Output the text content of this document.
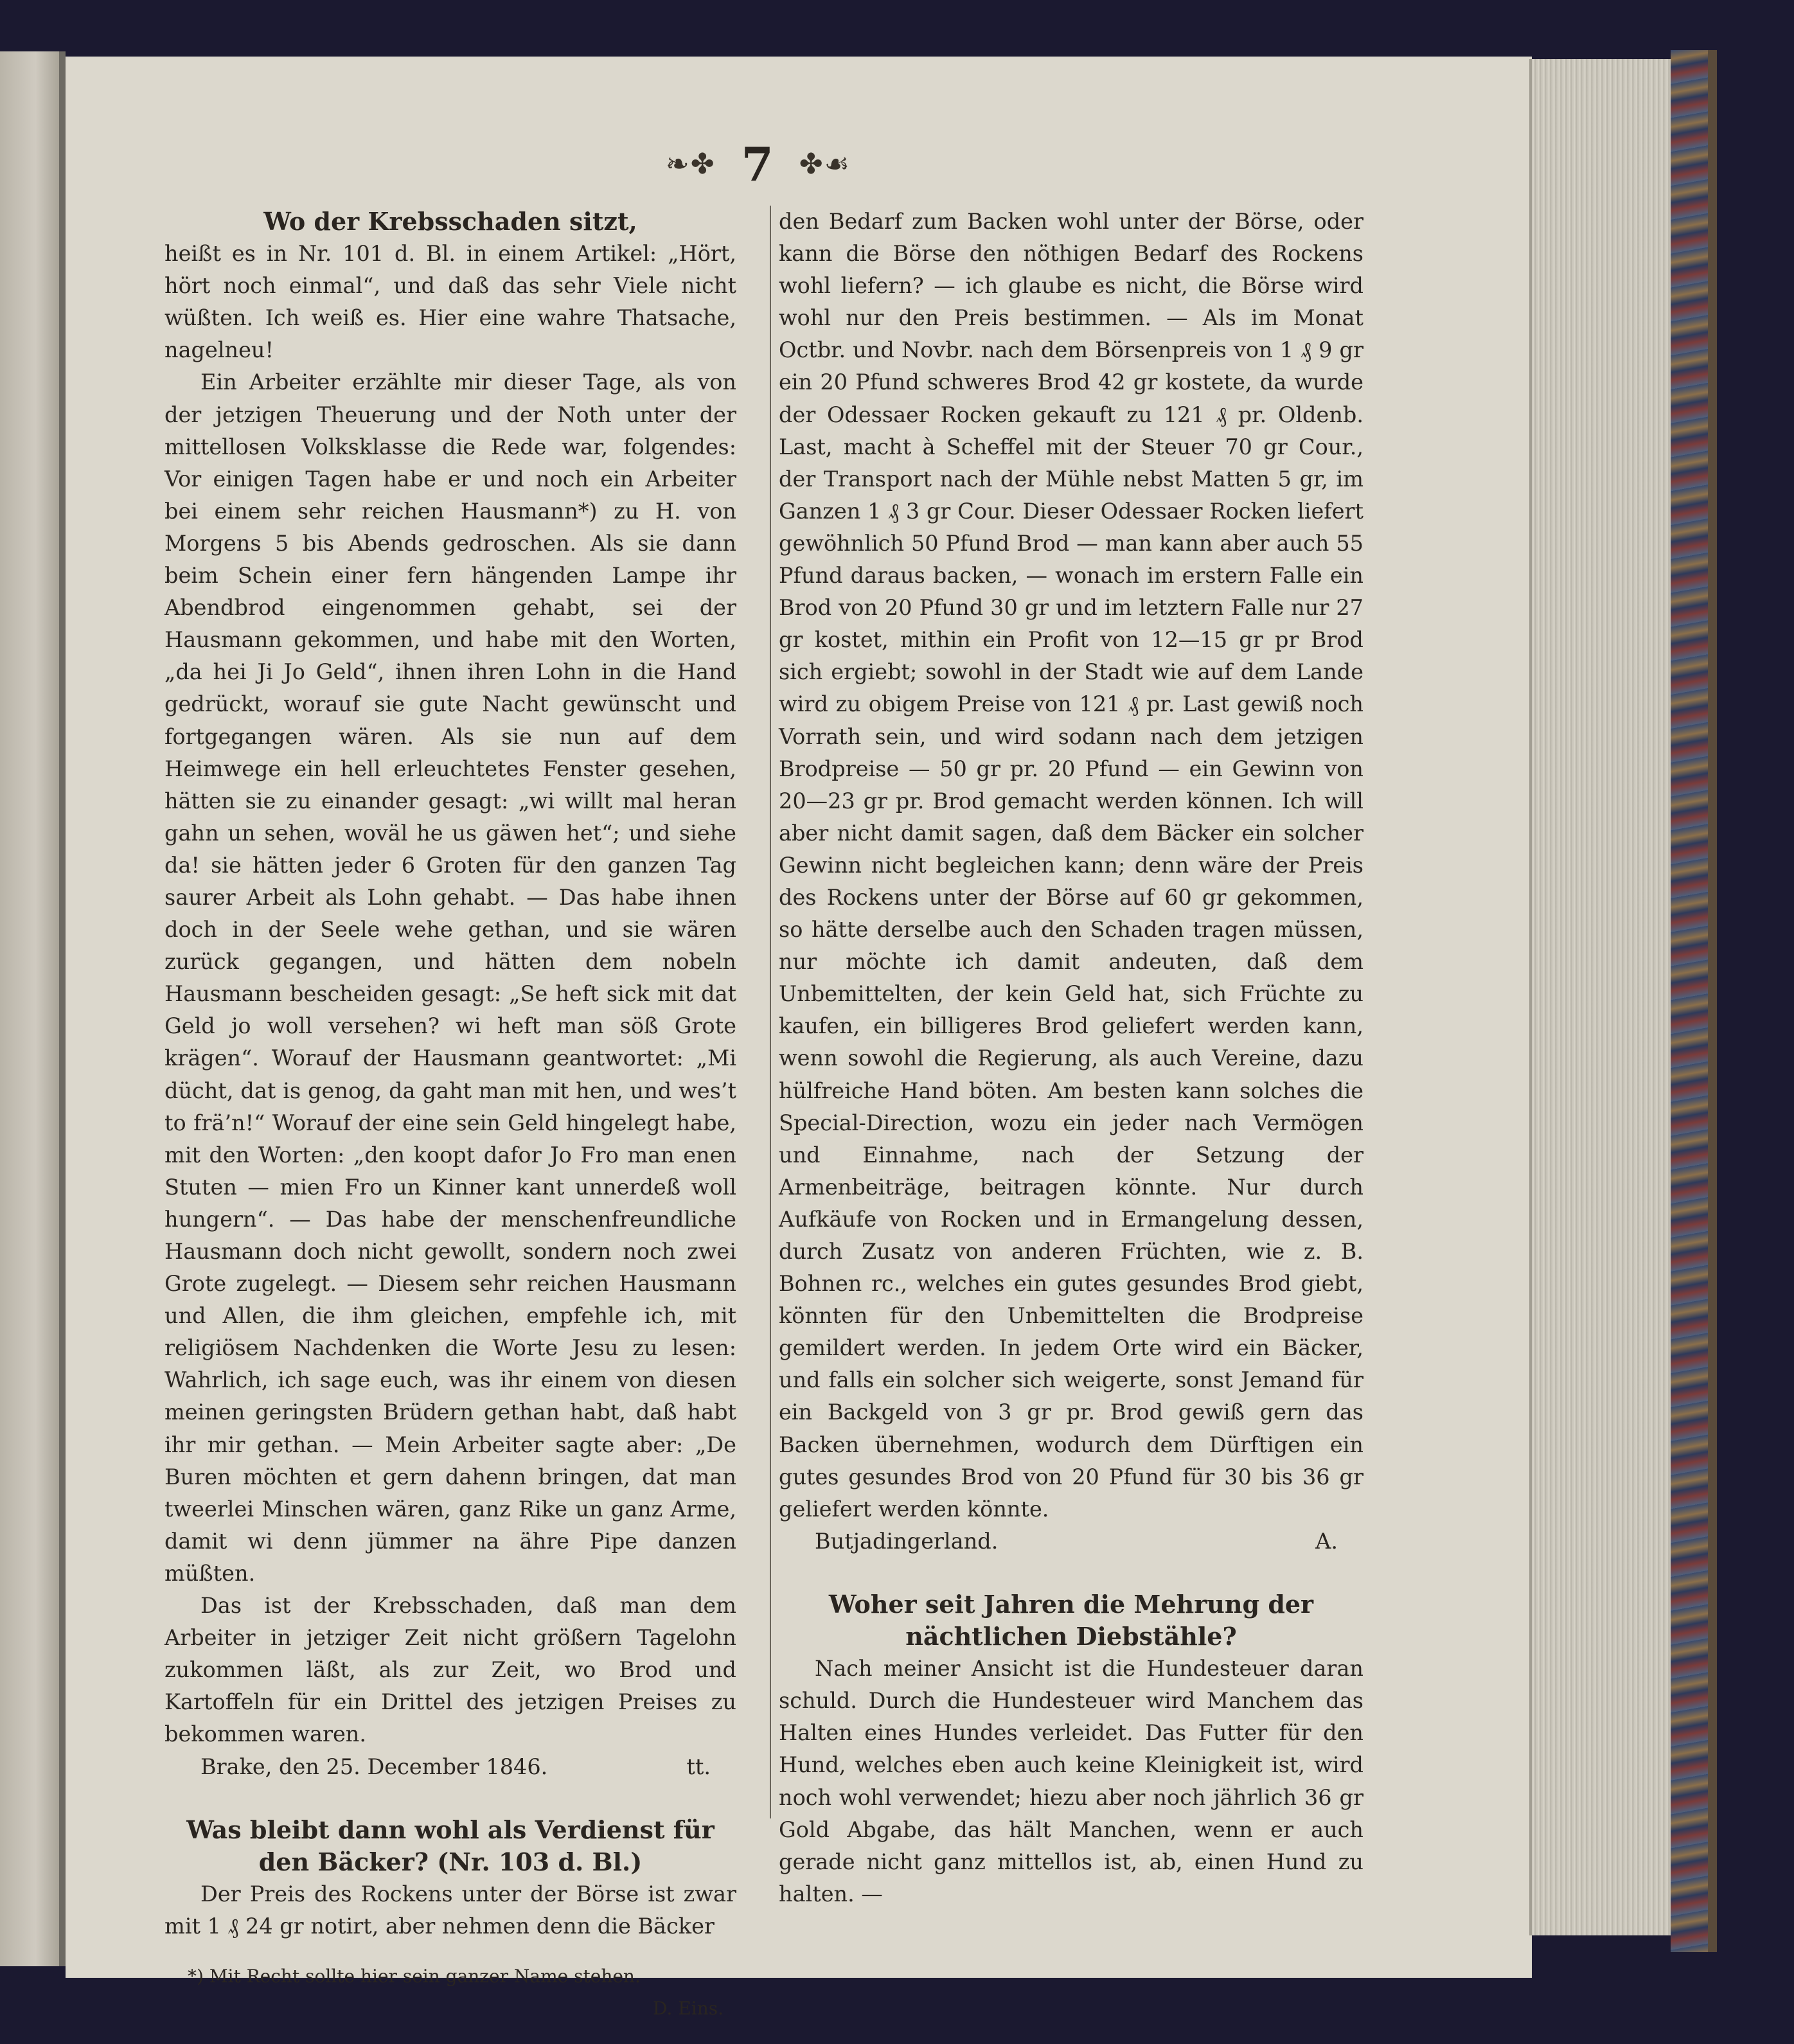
❧✤ 7 ✤☙

Wo der Krebsschaden sitzt,

heißt es in Nr. 101 d. Bl. in einem Artikel: „Hört, hört noch einmal“, und daß das sehr Viele nicht wüßten. Ich weiß es. Hier eine wahre Thatsache, nagelneu!

Ein Arbeiter erzählte mir dieser Tage, als von der jetzigen Theuerung und der Noth unter der mittellosen Volksklasse die Rede war, folgendes: Vor einigen Tagen habe er und noch ein Arbeiter bei einem sehr reichen Hausmann*) zu H. von Morgens 5 bis Abends gedroschen. Als sie dann beim Schein einer fern hängenden Lampe ihr Abendbrod eingenommen gehabt, sei der Hausmann gekommen, und habe mit den Worten, „da hei Ji Jo Geld“, ihnen ihren Lohn in die Hand gedrückt, worauf sie gute Nacht gewünscht und fortgegangen wären. Als sie nun auf dem Heimwege ein hell erleuchtetes Fenster gesehen, hätten sie zu einander gesagt: „wi willt mal heran gahn un sehen, woväl he us gäwen het“; und siehe da! sie hätten jeder 6 Groten für den ganzen Tag saurer Arbeit als Lohn gehabt. — Das habe ihnen doch in der Seele wehe gethan, und sie wären zurück gegangen, und hätten dem nobeln Hausmann bescheiden gesagt: „Se heft sick mit dat Geld jo woll versehen? wi heft man söß Grote krägen“. Worauf der Hausmann geantwortet: „Mi dücht, dat is genog, da gaht man mit hen, und wes’t to frä’n!“ Worauf der eine sein Geld hingelegt habe, mit den Worten: „den koopt dafor Jo Fro man enen Stuten — mien Fro un Kinner kant unnerdeß woll hungern“. — Das habe der menschenfreundliche Hausmann doch nicht gewollt, sondern noch zwei Grote zugelegt. — Diesem sehr reichen Hausmann und Allen, die ihm gleichen, empfehle ich, mit religiösem Nachdenken die Worte Jesu zu lesen: Wahrlich, ich sage euch, was ihr einem von diesen meinen geringsten Brüdern gethan habt, daß habt ihr mir gethan. — Mein Arbeiter sagte aber: „De Buren möchten et gern dahenn bringen, dat man tweerlei Minschen wären, ganz Rike un ganz Arme, damit wi denn jümmer na ähre Pipe danzen müßten.

Das ist der Krebsschaden, daß man dem Arbeiter in jetziger Zeit nicht größern Tagelohn zukommen läßt, als zur Zeit, wo Brod und Kartoffeln für ein Drittel des jetzigen Preises zu bekommen waren.

Brake, den 25. December 1846.	tt.

Was bleibt dann wohl als Verdienst für den Bäcker? (Nr. 103 d. Bl.)

Der Preis des Rockens unter der Börse ist zwar mit 1 ₰ 24 gr notirt, aber nehmen denn die Bäcker

*) Mit Recht sollte hier sein ganzer Name stehen.
D. Eins.

den Bedarf zum Backen wohl unter der Börse, oder kann die Börse den nöthigen Bedarf des Rockens wohl liefern? — ich glaube es nicht, die Börse wird wohl nur den Preis bestimmen. — Als im Monat Octbr. und Novbr. nach dem Börsenpreis von 1 ₰ 9 gr ein 20 Pfund schweres Brod 42 gr kostete, da wurde der Odessaer Rocken gekauft zu 121 ₰ pr. Oldenb. Last, macht à Scheffel mit der Steuer 70 gr Cour., der Transport nach der Mühle nebst Matten 5 gr, im Ganzen 1 ₰ 3 gr Cour. Dieser Odessaer Rocken liefert gewöhnlich 50 Pfund Brod — man kann aber auch 55 Pfund daraus backen, — wonach im erstern Falle ein Brod von 20 Pfund 30 gr und im letztern Falle nur 27 gr kostet, mithin ein Profit von 12—15 gr pr Brod sich ergiebt; sowohl in der Stadt wie auf dem Lande wird zu obigem Preise von 121 ₰ pr. Last gewiß noch Vorrath sein, und wird sodann nach dem jetzigen Brodpreise — 50 gr pr. 20 Pfund — ein Gewinn von 20—23 gr pr. Brod gemacht werden können. Ich will aber nicht damit sagen, daß dem Bäcker ein solcher Gewinn nicht begleichen kann; denn wäre der Preis des Rockens unter der Börse auf 60 gr gekommen, so hätte derselbe auch den Schaden tragen müssen, nur möchte ich damit andeuten, daß dem Unbemittelten, der kein Geld hat, sich Früchte zu kaufen, ein billigeres Brod geliefert werden kann, wenn sowohl die Regierung, als auch Vereine, dazu hülfreiche Hand böten. Am besten kann solches die Special-Direction, wozu ein jeder nach Vermögen und Einnahme, nach der Setzung der Armenbeiträge, beitragen könnte. Nur durch Aufkäufe von Rocken und in Ermangelung dessen, durch Zusatz von anderen Früchten, wie z. B. Bohnen rc., welches ein gutes gesundes Brod giebt, könnten für den Unbemittelten die Brodpreise gemildert werden. In jedem Orte wird ein Bäcker, und falls ein solcher sich weigerte, sonst Jemand für ein Backgeld von 3 gr pr. Brod gewiß gern das Backen übernehmen, wodurch dem Dürftigen ein gutes gesundes Brod von 20 Pfund für 30 bis 36 gr geliefert werden könnte.

Butjadingerland.	A.

Woher seit Jahren die Mehrung der nächtlichen Diebstähle?

Nach meiner Ansicht ist die Hundesteuer daran schuld. Durch die Hundesteuer wird Manchem das Halten eines Hundes verleidet. Das Futter für den Hund, welches eben auch keine Kleinigkeit ist, wird noch wohl verwendet; hiezu aber noch jährlich 36 gr Gold Abgabe, das hält Manchen, wenn er auch gerade nicht ganz mittellos ist, ab, einen Hund zu halten. —
